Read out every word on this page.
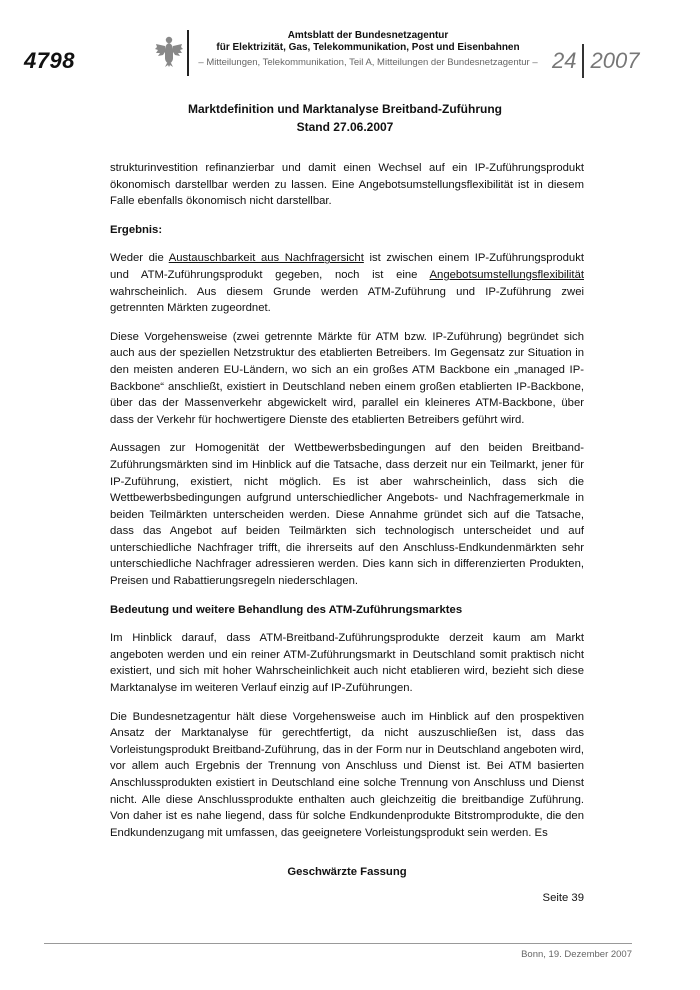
4798
Amtsblatt der Bundesnetzagentur
für Elektrizität, Gas, Telekommunikation, Post und Eisenbahnen
– Mitteilungen, Telekommunikation, Teil A, Mitteilungen der Bundesnetzagentur – 24 2007
Marktdefinition und Marktanalyse Breitband-Zuführung
Stand 27.06.2007

strukturinvestition refinanzierbar und damit einen Wechsel auf ein IP-Zuführungsprodukt ökonomisch darstellbar werden zu lassen. Eine Angebotsumstellungsflexibilität ist in diesem Falle ebenfalls ökonomisch nicht darstellbar.

Ergebnis:

Weder die Austauschbarkeit aus Nachfragersicht ist zwischen einem IP-Zuführungsprodukt und ATM-Zuführungsprodukt gegeben, noch ist eine Angebotsumstellungsflexibilität wahrscheinlich. Aus diesem Grunde werden ATM-Zuführung und IP-Zuführung zwei getrennten Märkten zugeordnet.

Diese Vorgehensweise (zwei getrennte Märkte für ATM bzw. IP-Zuführung) begründet sich auch aus der speziellen Netzstruktur des etablierten Betreibers. Im Gegensatz zur Situation in den meisten anderen EU-Ländern, wo sich an ein großes ATM Backbone ein „managed IP-Backbone“ anschließt, existiert in Deutschland neben einem großen etablierten IP-Backbone, über das der Massenverkehr abgewickelt wird, parallel ein kleineres ATM-Backbone, über dass der Verkehr für hochwertigere Dienste des etablierten Betreibers geführt wird.

Aussagen zur Homogenität der Wettbewerbsbedingungen auf den beiden Breitband-Zuführungsmärkten sind im Hinblick auf die Tatsache, dass derzeit nur ein Teilmarkt, jener für IP-Zuführung, existiert, nicht möglich. Es ist aber wahrscheinlich, dass sich die Wettbewerbsbedingungen aufgrund unterschiedlicher Angebots- und Nachfragemerkmale in beiden Teilmärkten unterscheiden werden. Diese Annahme gründet sich auf die Tatsache, dass das Angebot auf beiden Teilmärkten sich technologisch unterscheidet und auf unterschiedliche Nachfrager trifft, die ihrerseits auf den Anschluss-Endkundenmärkten sehr unterschiedliche Nachfrager adressieren werden. Dies kann sich in differenzierten Produkten, Preisen und Rabattierungsregeln niederschlagen.

Bedeutung und weitere Behandlung des ATM-Zuführungsmarktes

Im Hinblick darauf, dass ATM-Breitband-Zuführungsprodukte derzeit kaum am Markt angeboten werden und ein reiner ATM-Zuführungsmarkt in Deutschland somit praktisch nicht existiert, und sich mit hoher Wahrscheinlichkeit auch nicht etablieren wird, bezieht sich diese Marktanalyse im weiteren Verlauf einzig auf IP-Zuführungen.

Die Bundesnetzagentur hält diese Vorgehensweise auch im Hinblick auf den prospektiven Ansatz der Marktanalyse für gerechtfertigt, da nicht auszuschließen ist, dass das Vorleistungsprodukt Breitband-Zuführung, das in der Form nur in Deutschland angeboten wird, vor allem auch Ergebnis der Trennung von Anschluss und Dienst ist. Bei ATM basierten Anschlussprodukten existiert in Deutschland eine solche Trennung von Anschluss und Dienst nicht. Alle diese Anschlussprodukte enthalten auch gleichzeitig die breitbandige Zuführung. Von daher ist es nahe liegend, dass für solche Endkundenprodukte Bitstromprodukte, die den Endkundenzugang mit umfassen, das geeignetere Vorleistungsprodukt sein werden. Es

Geschwärzte Fassung
Seite 39
Bonn, 19. Dezember 2007
